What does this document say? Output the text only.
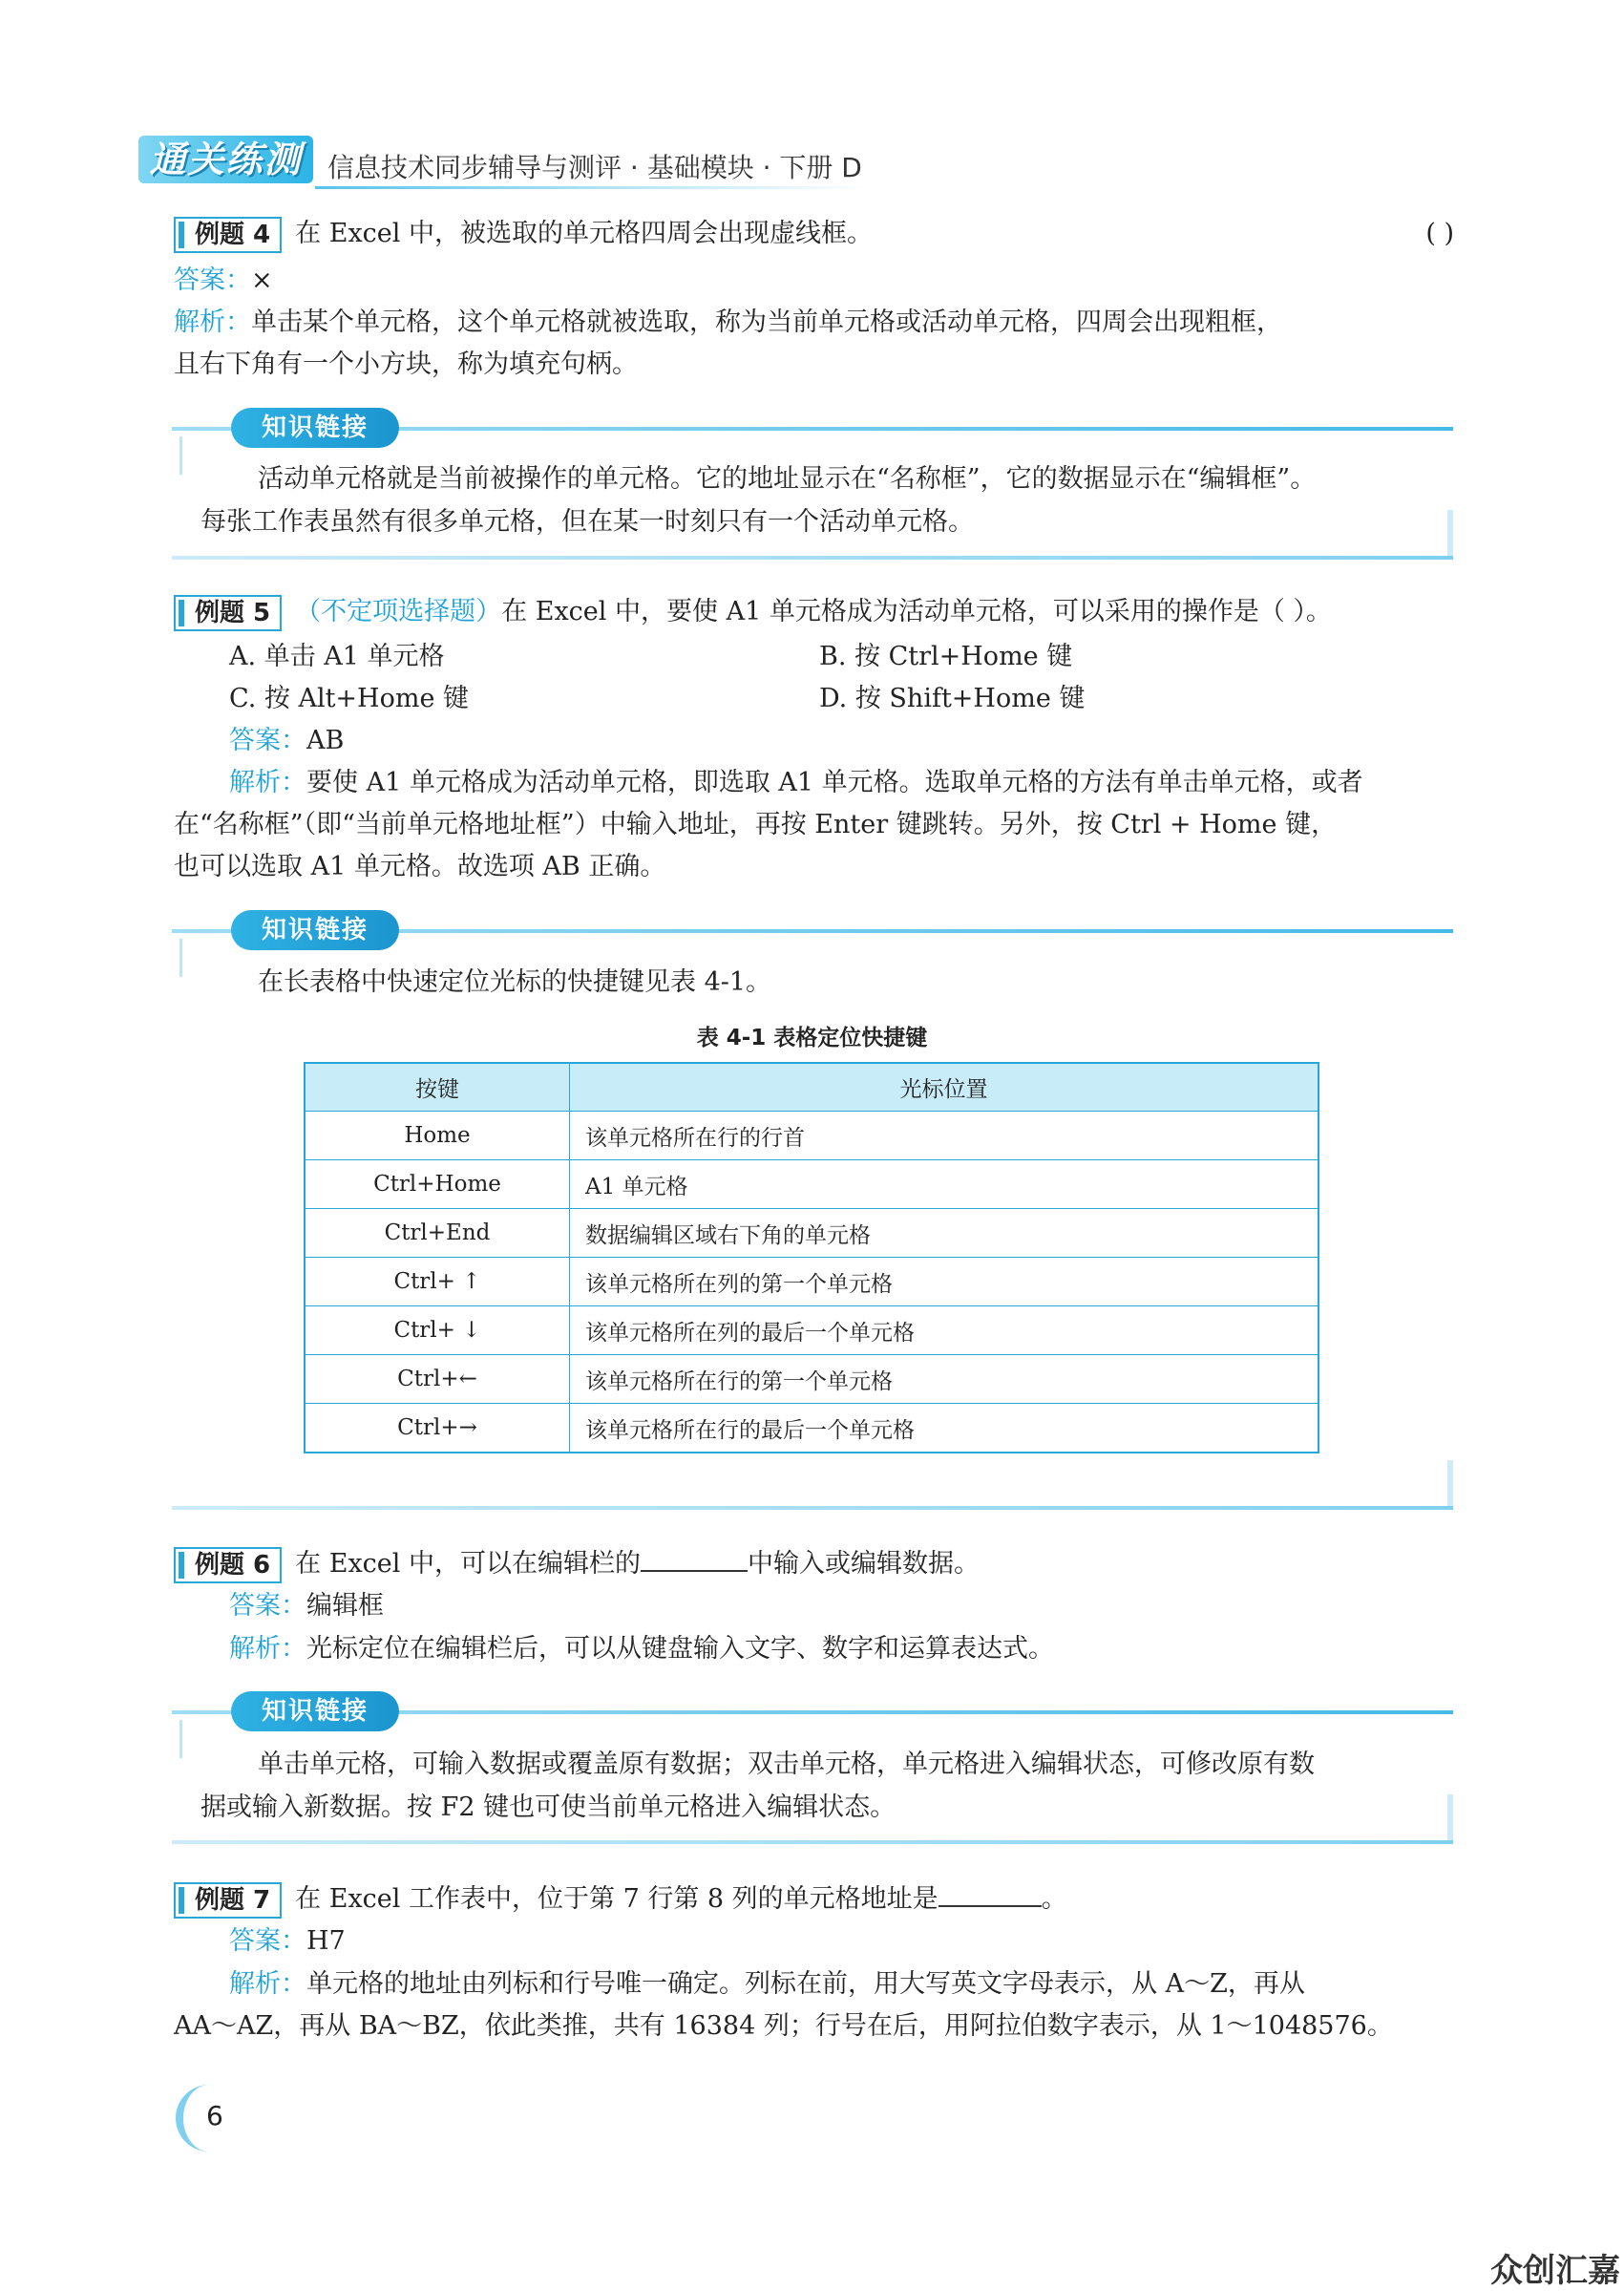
通关练测 信息技术同步辅导与测评 · 基础模块 · 下册 D
例题 4 在 Excel 中，被选取的单元格四周会出现虚线框。	( )
答案：×
解析：单击某个单元格，这个单元格就被选取，称为当前单元格或活动单元格，四周会出现粗框，
且右下角有一个小方块，称为填充句柄。
知识链接
活动单元格就是当前被操作的单元格。它的地址显示在“名称框”，它的数据显示在“编辑框”。
每张工作表虽然有很多单元格，但在某一时刻只有一个活动单元格。
例题 5 （不定项选择题）在 Excel 中，要使 A1 单元格成为活动单元格，可以采用的操作是（ ）。
A. 单击 A1 单元格	B. 按 Ctrl+Home 键
C. 按 Alt+Home 键	D. 按 Shift+Home 键
答案：AB
解析：要使 A1 单元格成为活动单元格，即选取 A1 单元格。选取单元格的方法有单击单元格，或者
在“名称框”（即“当前单元格地址框”）中输入地址，再按 Enter 键跳转。另外，按 Ctrl + Home 键，
也可以选取 A1 单元格。故选项 AB 正确。
知识链接
在长表格中快速定位光标的快捷键见表 4-1。
表 4-1 表格定位快捷键
按键	光标位置
Home	该单元格所在行的行首
Ctrl+Home	A1 单元格
Ctrl+End	数据编辑区域右下角的单元格
Ctrl+ ↑	该单元格所在列的第一个单元格
Ctrl+ ↓	该单元格所在列的最后一个单元格
Ctrl+←	该单元格所在行的第一个单元格
Ctrl+→	该单元格所在行的最后一个单元格
例题 6 在 Excel 中，可以在编辑栏的	中输入或编辑数据。
答案：编辑框
解析：光标定位在编辑栏后，可以从键盘输入文字、数字和运算表达式。
知识链接
单击单元格，可输入数据或覆盖原有数据；双击单元格，单元格进入编辑状态，可修改原有数
据或输入新数据。按 F2 键也可使当前单元格进入编辑状态。
例题 7 在 Excel 工作表中，位于第 7 行第 8 列的单元格地址是	。
答案：H7
解析：单元格的地址由列标和行号唯一确定。列标在前，用大写英文字母表示，从 A～Z，再从
AA～AZ，再从 BA～BZ，依此类推，共有 16384 列；行号在后，用阿拉伯数字表示，从 1～1048576。
6
众创汇嘉
